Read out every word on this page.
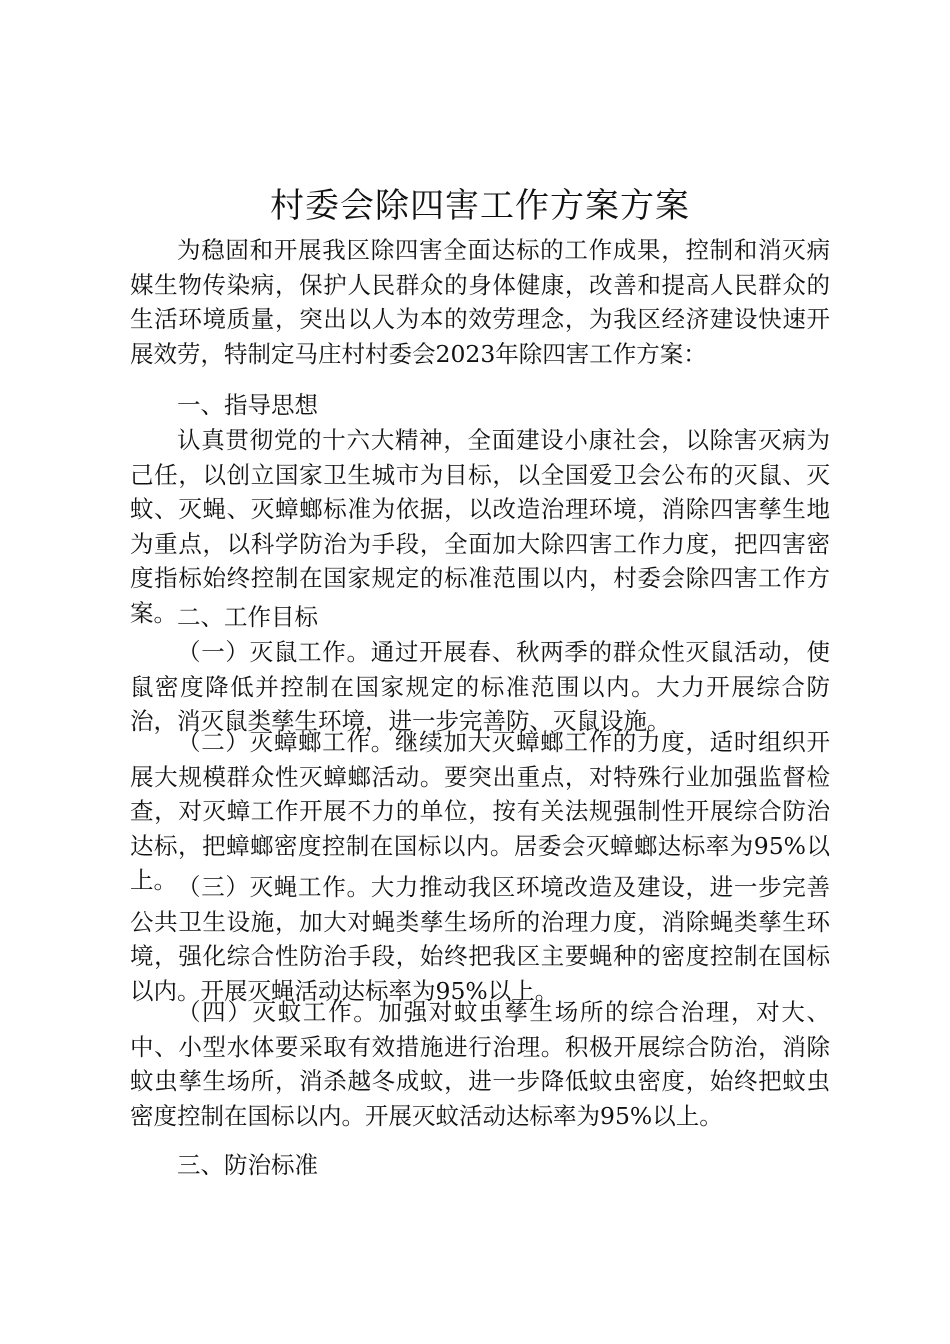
村委会除四害工作方案方案

为稳固和开展我区除四害全面达标的工作成果，控制和消灭病媒生物传染病，保护人民群众的身体健康，改善和提高人民群众的生活环境质量，突出以人为本的效劳理念，为我区经济建设快速开展效劳，特制定马庄村村委会2023年除四害工作方案：

一、指导思想

认真贯彻党的十六大精神，全面建设小康社会，以除害灭病为己任，以创立国家卫生城市为目标，以全国爱卫会公布的灭鼠、灭蚊、灭蝇、灭蟑螂标准为依据，以改造治理环境，消除四害孳生地为重点，以科学防治为手段，全面加大除四害工作力度，把四害密度指标始终控制在国家规定的标准范围以内，村委会除四害工作方案。 二、工作目标

（一）灭鼠工作。通过开展春、秋两季的群众性灭鼠活动，使鼠密度降低并控制在国家规定的标准范围以内。大力开展综合防治，消灭鼠类孳生环境，进一步完善防、灭鼠设施。

（二）灭蟑螂工作。继续加大灭蟑螂工作的力度，适时组织开展大规模群众性灭蟑螂活动。要突出重点，对特殊行业加强监督检查，对灭蟑工作开展不力的单位，按有关法规强制性开展综合防治达标，把蟑螂密度控制在国标以内。居委会灭蟑螂达标率为95%以上。 （三）灭蝇工作。大力推动我区环境改造及建设，进一步完善公共卫生设施，加大对蝇类孳生场所的治理力度，消除蝇类孳生环境，强化综合性防治手段，始终把我区主要蝇种的密度控制在国标以内。开展灭蝇活动达标率为95%以上。

（四）灭蚊工作。加强对蚊虫孳生场所的综合治理，对大、中、小型水体要采取有效措施进行治理。积极开展综合防治，消除蚊虫孳生场所，消杀越冬成蚊，进一步降低蚊虫密度，始终把蚊虫密度控制在国标以内。开展灭蚊活动达标率为95%以上。

三、防治标准
